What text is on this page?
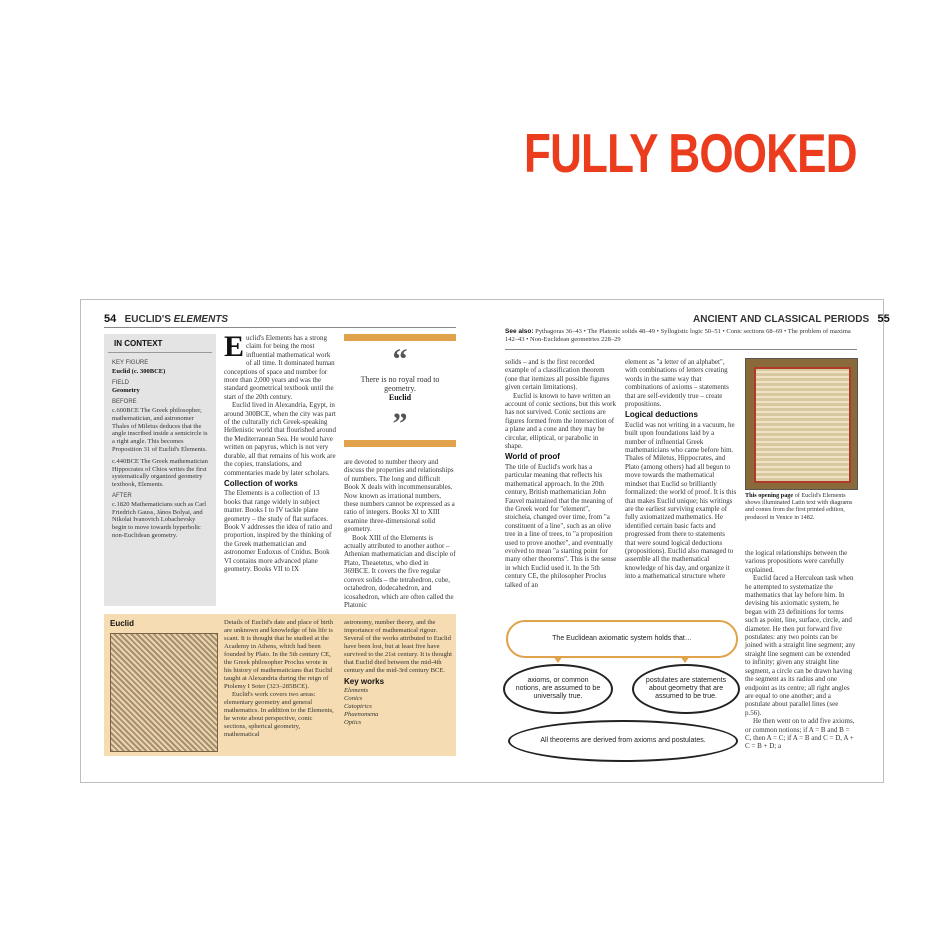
FULLY BOOKED
54 EUCLID'S ELEMENTS	ANCIENT AND CLASSICAL PERIODS 55
See also: Pythagoras 36–43 • The Platonic solids 48–49 • Syllogistic logic 50–51 • Conic sections 68–69 • The problem of maxima 142–43 • Non-Euclidean geometries 228–29
IN CONTEXT
KEY FIGURE
Euclid (c. 300BCE)
FIELD
Geometry
BEFORE

c.600BCE The Greek philosopher, mathematician, and astronomer Thales of Miletus deduces that the angle inscribed inside a semicircle is a right angle. This becomes Proposition 31 of Euclid's Elements.

c.440BCE The Greek mathematician Hippocrates of Chios writes the first systematically organized geometry textbook, Elements.

AFTER

c.1820 Mathematicians such as Carl Friedrich Gauss, János Bolyai, and Nikolai Ivanovich Lobachevsky begin to move towards hyperbolic non-Euclidean geometry.

E uclid's Elements has a strong claim for being the most influential mathematical work of all time. It dominated human conceptions of space and number for more than 2,000 years and was the standard geometrical textbook until the start of the 20th century.

Euclid lived in Alexandria, Egypt, in around 300BCE, when the city was part of the culturally rich Greek-speaking Hellenistic world that flourished around the Mediterranean Sea. He would have written on papyrus, which is not very durable, all that remains of his work are the copies, translations, and commentaries made by later scholars.

Collection of works

The Elements is a collection of 13 books that range widely in subject matter. Books I to IV tackle plane geometry – the study of flat surfaces. Book V addresses the idea of ratio and proportion, inspired by the thinking of the Greek mathematician and astronomer Eudoxus of Cnidus. Book VI contains more advanced plane geometry. Books VII to IX

“
There is no royal road to geometry.
Euclid
”

are devoted to number theory and discuss the properties and relationships of numbers. The long and difficult Book X deals with incommensurables. Now known as irrational numbers, these numbers cannot be expressed as a ratio of integers. Books XI to XIII examine three-dimensional solid geometry.

Book XIII of the Elements is actually attributed to another author – Athenian mathematician and disciple of Plato, Theaetetus, who died in 369BCE. It covers the five regular convex solids – the tetrahedron, cube, octahedron, dodecahedron, and icosahedron, which are often called the Platonic

Euclid	Details of Euclid's date and place of birth are unknown and knowledge of his life is scant. It is thought that he studied at the Academy in Athens, which had been founded by Plato. In the 5th century CE, the Greek philosopher Proclus wrote in his history of mathematicians that Euclid taught at Alexandria during the reign of Ptolemy I Soter (323–285BCE).

Euclid's work covers two areas: elementary geometry and general mathematics. In addition to the Elements, he wrote about perspective, conic sections, spherical geometry, mathematical

astronomy, number theory, and the importance of mathematical rigour. Several of the works attributed to Euclid have been lost, but at least five have survived to the 21st century. It is thought that Euclid died between the mid-4th century and the mid-3rd century BCE.

Key works
Elements
Conics
Catoptrics
Phaenomena
Optics

solids – and is the first recorded example of a classification theorem (one that itemizes all possible figures given certain limitations).

Euclid is known to have written an account of conic sections, but this work has not survived. Conic sections are figures formed from the intersection of a plane and a cone and they may be circular, elliptical, or parabolic in shape.

World of proof

The title of Euclid's work has a particular meaning that reflects his mathematical approach. In the 20th century, British mathematician John Fauvel maintained that the meaning of the Greek word for "element", stoicheia, changed over time, from "a constituent of a line", such as an olive tree in a line of trees, to "a proposition used to prove another", and eventually evolved to mean "a starting point for many other theorems". This is the sense in which Euclid used it. In the 5th century CE, the philosopher Proclus talked of an

element as "a letter of an alphabet", with combinations of letters creating words in the same way that combinations of axioms – statements that are self-evidently true – create propositions.

Logical deductions

Euclid was not writing in a vacuum, he built upon foundations laid by a number of influential Greek mathematicians who came before him. Thales of Miletus, Hippocrates, and Plato (among others) had all begun to move towards the mathematical mindset that Euclid so brilliantly formalized: the world of proof. It is this that makes Euclid unique; his writings are the earliest surviving example of fully axiomatized mathematics. He identified certain basic facts and progressed from there to statements that were sound logical deductions (propositions). Euclid also managed to assemble all the mathematical knowledge of his day, and organize it into a mathematical structure where

This opening page of Euclid's Elements shows illuminated Latin text with diagrams and comes from the first printed edition, produced in Venice in 1482.

the logical relationships between the various propositions were carefully explained.

Euclid faced a Herculean task when he attempted to systematize the mathematics that lay before him. In devising his axiomatic system, he began with 23 definitions for terms such as point, line, surface, circle, and diameter. He then put forward five postulates: any two points can be joined with a straight line segment; any straight line segment can be extended to infinity; given any straight line segment, a circle can be drawn having the segment as its radius and one endpoint as its centre; all right angles are equal to one another; and a postulate about parallel lines (see p.56).

He then went on to add five axioms, or common notions; if A = B and B = C, then A = C; if A = B and C = D, A + C = B + D; a

The Euclidean axiomatic system holds that…
axioms, or common notions, are assumed to be universally true.
postulates are statements about geometry that are assumed to be true.
All theorems are derived from axioms and postulates.
